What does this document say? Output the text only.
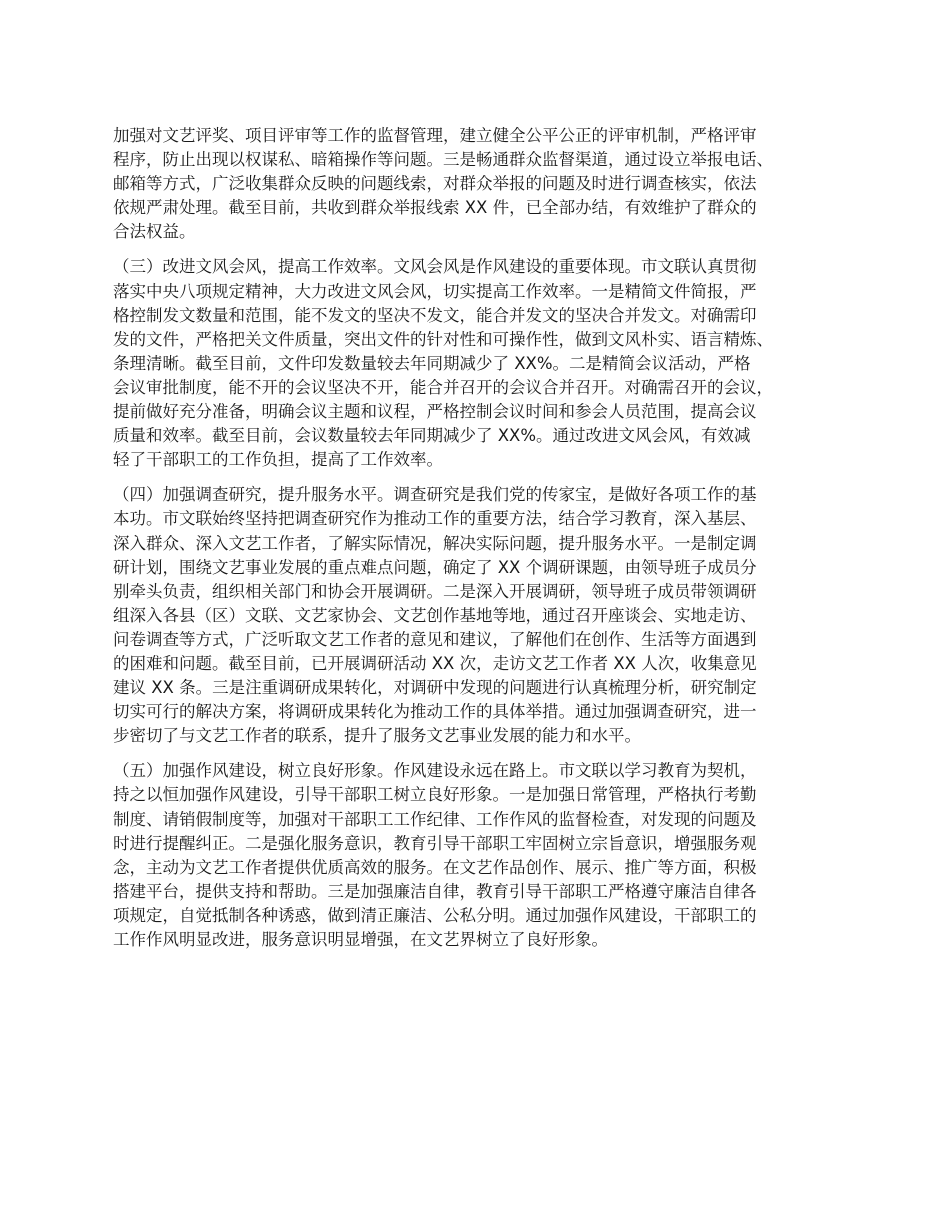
加强对文艺评奖、项目评审等工作的监督管理，建立健全公平公正的评审机制，严格评审
程序，防止出现以权谋私、暗箱操作等问题。三是畅通群众监督渠道，通过设立举报电话、
邮箱等方式，广泛收集群众反映的问题线索，对群众举报的问题及时进行调查核实，依法
依规严肃处理。截至目前，共收到群众举报线索 XX 件，已全部办结，有效维护了群众的
合法权益。

（三）改进文风会风，提高工作效率。文风会风是作风建设的重要体现。市文联认真贯彻
落实中央八项规定精神，大力改进文风会风，切实提高工作效率。一是精简文件简报，严
格控制发文数量和范围，能不发文的坚决不发文，能合并发文的坚决合并发文。对确需印
发的文件，严格把关文件质量，突出文件的针对性和可操作性，做到文风朴实、语言精炼、
条理清晰。截至目前，文件印发数量较去年同期减少了 XX%。二是精简会议活动，严格
会议审批制度，能不开的会议坚决不开，能合并召开的会议合并召开。对确需召开的会议，
提前做好充分准备，明确会议主题和议程，严格控制会议时间和参会人员范围，提高会议
质量和效率。截至目前，会议数量较去年同期减少了 XX%。通过改进文风会风，有效减
轻了干部职工的工作负担，提高了工作效率。

（四）加强调查研究，提升服务水平。调查研究是我们党的传家宝，是做好各项工作的基
本功。市文联始终坚持把调查研究作为推动工作的重要方法，结合学习教育，深入基层、
深入群众、深入文艺工作者，了解实际情况，解决实际问题，提升服务水平。一是制定调
研计划，围绕文艺事业发展的重点难点问题，确定了 XX 个调研课题，由领导班子成员分
别牵头负责，组织相关部门和协会开展调研。二是深入开展调研，领导班子成员带领调研
组深入各县（区）文联、文艺家协会、文艺创作基地等地，通过召开座谈会、实地走访、
问卷调查等方式，广泛听取文艺工作者的意见和建议，了解他们在创作、生活等方面遇到
的困难和问题。截至目前，已开展调研活动 XX 次，走访文艺工作者 XX 人次，收集意见
建议 XX 条。三是注重调研成果转化，对调研中发现的问题进行认真梳理分析，研究制定
切实可行的解决方案，将调研成果转化为推动工作的具体举措。通过加强调查研究，进一
步密切了与文艺工作者的联系，提升了服务文艺事业发展的能力和水平。

（五）加强作风建设，树立良好形象。作风建设永远在路上。市文联以学习教育为契机，
持之以恒加强作风建设，引导干部职工树立良好形象。一是加强日常管理，严格执行考勤
制度、请销假制度等，加强对干部职工工作纪律、工作作风的监督检查，对发现的问题及
时进行提醒纠正。二是强化服务意识，教育引导干部职工牢固树立宗旨意识，增强服务观
念，主动为文艺工作者提供优质高效的服务。在文艺作品创作、展示、推广等方面，积极
搭建平台，提供支持和帮助。三是加强廉洁自律，教育引导干部职工严格遵守廉洁自律各
项规定，自觉抵制各种诱惑，做到清正廉洁、公私分明。通过加强作风建设，干部职工的
工作作风明显改进，服务意识明显增强，在文艺界树立了良好形象。
